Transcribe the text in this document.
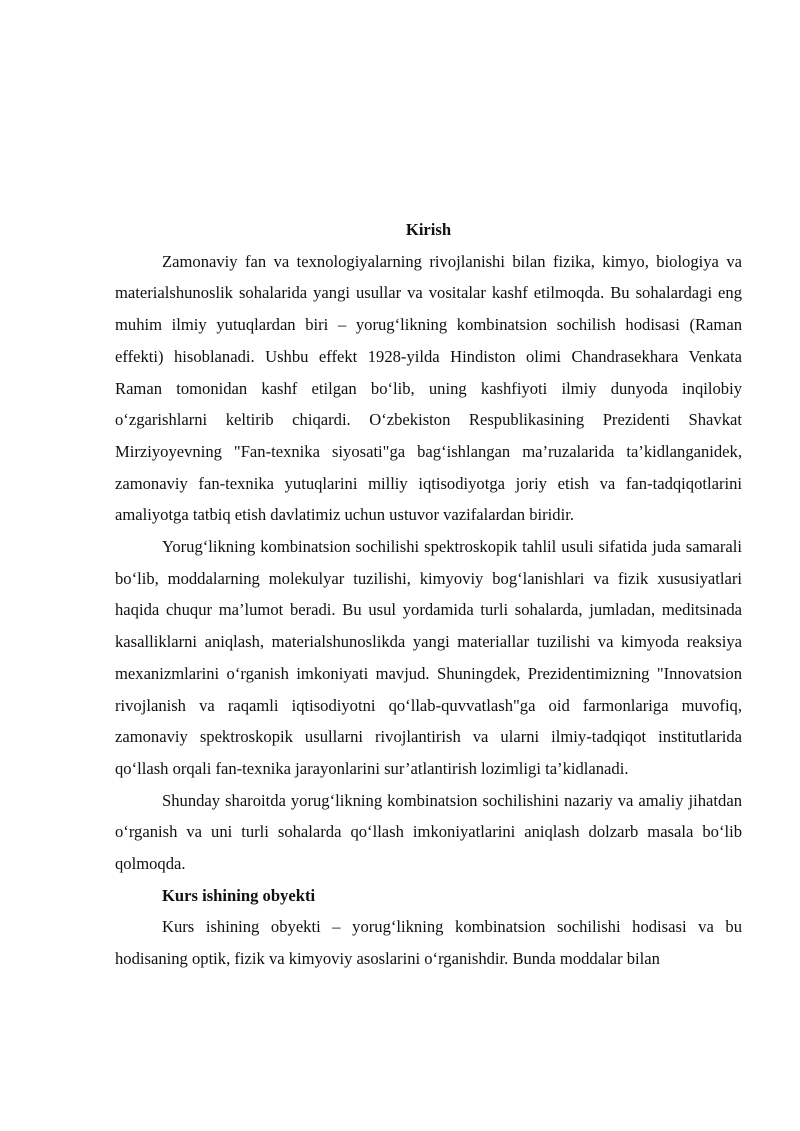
Kirish

Zamonaviy fan va texnologiyalarning rivojlanishi bilan fizika, kimyo, biologiya va materialshunoslik sohalarida yangi usullar va vositalar kashf etilmoqda. Bu sohalardagi eng muhim ilmiy yutuqlardan biri – yorug‘likning kombinatsion sochilish hodisasi (Raman effekti) hisoblanadi. Ushbu effekt 1928-yilda Hindiston olimi Chandrasekhara Venkata Raman tomonidan kashf etilgan bo‘lib, uning kashfiyoti ilmiy dunyoda inqilobiy o‘zgarishlarni keltirib chiqardi. O‘zbekiston Respublikasining Prezidenti Shavkat Mirziyoyevning "Fan-texnika siyosati"ga bag‘ishlangan ma’ruzalarida ta’kidlanganidek, zamonaviy fan-texnika yutuqlarini milliy iqtisodiyotga joriy etish va fan-tadqiqotlarini amaliyotga tatbiq etish davlatimiz uchun ustuvor vazifalardan biridir.

Yorug‘likning kombinatsion sochilishi spektroskopik tahlil usuli sifatida juda samarali bo‘lib, moddalarning molekulyar tuzilishi, kimyoviy bog‘lanishlari va fizik xususiyatlari haqida chuqur ma’lumot beradi. Bu usul yordamida turli sohalarda, jumladan, meditsinada kasalliklarni aniqlash, materialshunoslikda yangi materiallar tuzilishi va kimyoda reaksiya mexanizmlarini o‘rganish imkoniyati mavjud. Shuningdek, Prezidentimizning "Innovatsion rivojlanish va raqamli iqtisodiyotni qo‘llab-quvvatlash"ga oid farmonlariga muvofiq, zamonaviy spektroskopik usullarni rivojlantirish va ularni ilmiy-tadqiqot institutlarida qo‘llash orqali fan-texnika jarayonlarini sur’atlantirish lozimligi ta’kidlanadi.

Shunday sharoitda yorug‘likning kombinatsion sochilishini nazariy va amaliy jihatdan o‘rganish va uni turli sohalarda qo‘llash imkoniyatlarini aniqlash dolzarb masala bo‘lib qolmoqda.

Kurs ishining obyekti

Kurs ishining obyekti – yorug‘likning kombinatsion sochilishi hodisasi va bu hodisaning optik, fizik va kimyoviy asoslarini o‘rganishdir. Bunda moddalar bilan
